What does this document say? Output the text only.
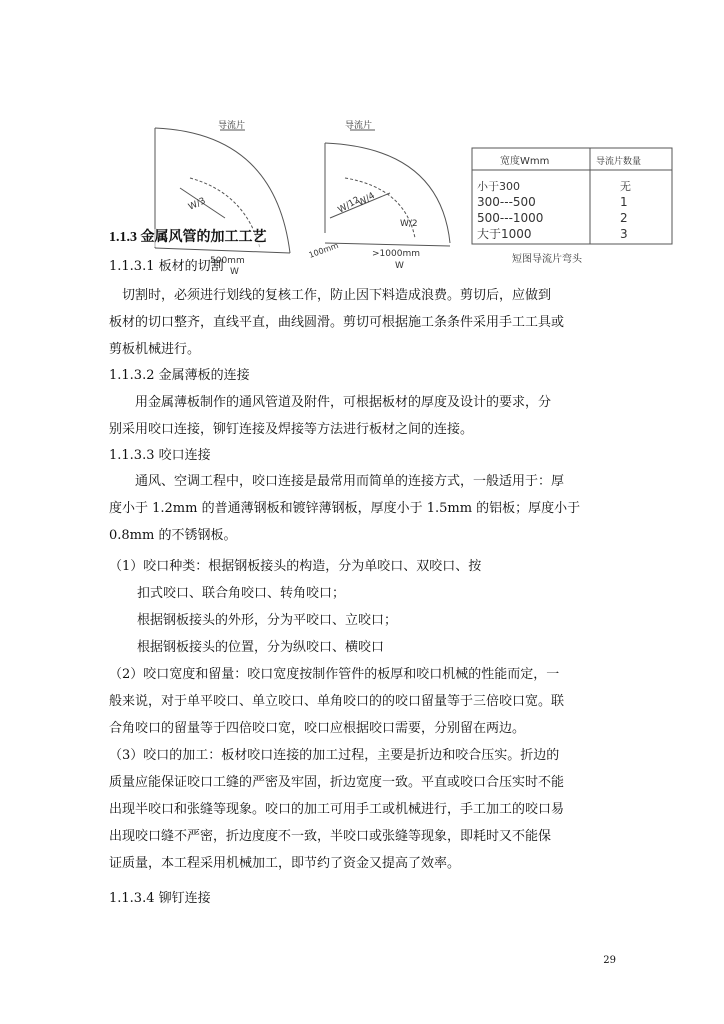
导流片
W/3
500mm
W
导流片
W/12
W/4
W/2
100mm	>1000mm
W
宽度Wmm	导流片数量
小于300	无
300---500	1
500---1000	2
大于1000	3
短图导流片弯头
1.1.3 金属风管的加工工艺
1.1.3.1 板材的切割
切割时，必须进行划线的复核工作，防止因下料造成浪费。剪切后，应做到
板材的切口整齐，直线平直，曲线圆滑。剪切可根据施工条条件采用手工工具或
剪板机械进行。
1.1.3.2 金属薄板的连接
用金属薄板制作的通风管道及附件，可根据板材的厚度及设计的要求，分
别采用咬口连接，铆钉连接及焊接等方法进行板材之间的连接。
1.1.3.3 咬口连接
通风、空调工程中，咬口连接是最常用而简单的连接方式，一般适用于：厚
度小于 1.2mm 的普通薄钢板和镀锌薄钢板，厚度小于 1.5mm 的铝板；厚度小于
0.8mm 的不锈钢板。
（1）咬口种类：根据钢板接头的构造，分为单咬口、双咬口、按
扣式咬口、联合角咬口、转角咬口；
根据钢板接头的外形，分为平咬口、立咬口；
根据钢板接头的位置，分为纵咬口、横咬口
（2）咬口宽度和留量：咬口宽度按制作管件的板厚和咬口机械的性能而定，一
般来说，对于单平咬口、单立咬口、单角咬口的的咬口留量等于三倍咬口宽。联
合角咬口的留量等于四倍咬口宽，咬口应根据咬口需要，分别留在两边。
（3）咬口的加工：板材咬口连接的加工过程，主要是折边和咬合压实。折边的
质量应能保证咬口工缝的严密及牢固，折边宽度一致。平直或咬口合压实时不能
出现半咬口和张缝等现象。咬口的加工可用手工或机械进行，手工加工的咬口易
出现咬口缝不严密，折边度度不一致，半咬口或张缝等现象，即耗时又不能保
证质量，本工程采用机械加工，即节约了资金又提高了效率。
1.1.3.4 铆钉连接
29
